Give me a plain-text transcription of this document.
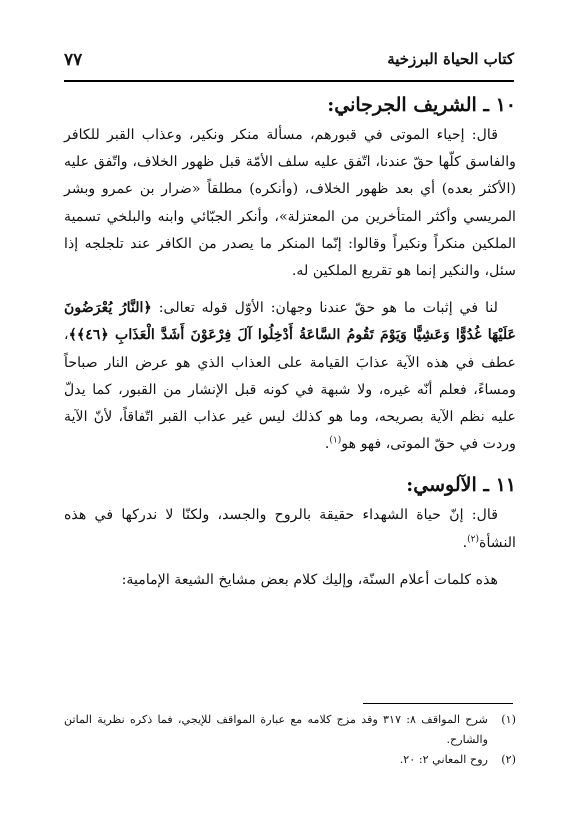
كتاب الحياة البرزخية
٧٧

١٠ ـ الشريف الجرجاني:

قال: إحياء الموتى في قبورهم، مسألة منكر ونكير، وعذاب القبر للكافر والفاسق كلّها حقّ عندنا، اتّفق عليه سلف الأمّة قبل ظهور الخلاف، واتّفق عليه (الأكثر بعده) أي بعد ظهور الخلاف، (وأنكره) مطلقاً «ضرار بن عمرو وبشر المريسي وأكثر المتأخرين من المعتزلة»، وأنكر الجبّائي وابنه والبلخي تسمية الملكين منكراً ونكيراً وقالوا: إنّما المنكر ما يصدر من الكافر عند تلجلجه إذا سئل، والنكير إنما هو تقريع الملكين له.

لنا في إثبات ما هو حقّ عندنا وجهان: الأوّل قوله تعالى: ﴿النَّارُ يُعْرَضُونَ عَلَيْهَا غُدُوًّا وَعَشِيًّا وَيَوْمَ تَقُومُ السَّاعَةُ أَدْخِلُوا آلَ فِرْعَوْنَ أَشَدَّ الْعَذَابِ ﴿٤٦﴾﴾، عطف في هذه الآية عذابَ القيامة على العذاب الذي هو عرض النار صباحاً ومساءً، فعلم أنّه غيره، ولا شبهة في كونه قبل الإنشار من القبور، كما يدلّ عليه نظم الآية بصريحه، وما هو كذلك ليس غير عذاب القبر اتّفاقاً، لأنّ الآية وردت في حقّ الموتى، فهو هو$^{(١)}$.

١١ ـ الآلوسي:

قال: إنّ حياة الشهداء حقيقة بالروح والجسد، ولكنّا لا ندركها في هذه النشأة$^{(٢)}$.

هذه كلمات أعلام السنّة، وإليك كلام بعض مشايخ الشيعة الإمامية:

(١)
شرح المواقف ٨: ٣١٧ وقد مزج كلامه مع عبارة المواقف للإيجي، فما ذكره نظرية الماتن والشارح.
(٢)
روح المعاني ٢: ٢٠.
